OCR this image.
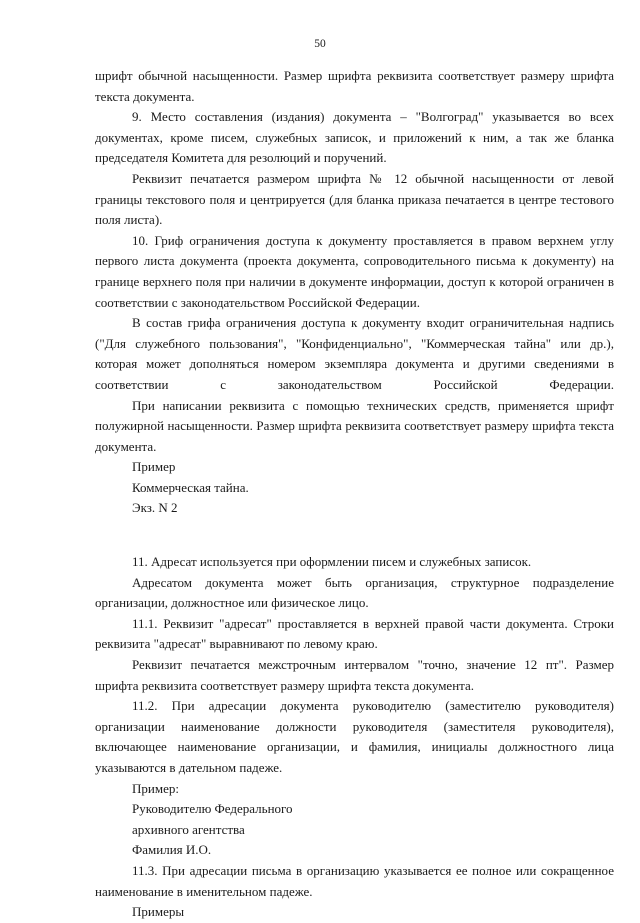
50

шрифт обычной насыщенности. Размер шрифта реквизита соответствует размеру шрифта текста документа.

9. Место составления (издания) документа – "Волгоград" указывается во всех документах, кроме писем, служебных записок, и приложений к ним, а так же бланка председателя Комитета для резолюций и поручений.

Реквизит печатается размером шрифта № 12 обычной насыщенности от левой границы текстового поля и центрируется (для бланка приказа печатается в центре тестового поля листа).

10. Гриф ограничения доступа к документу проставляется в правом верхнем углу первого листа документа (проекта документа, сопроводительного письма к документу) на границе верхнего поля при наличии в документе информации, доступ к которой ограничен в соответствии с законодательством Российской Федерации.

В состав грифа ограничения доступа к документу входит ограничительная надпись ("Для служебного пользования", "Конфиденциально", "Коммерческая тайна" или др.), которая может дополняться номером экземпляра документа и другими сведениями в соответствии с законодательством Российской Федерации.

При написании реквизита с помощью технических средств, применяется шрифт полужирной насыщенности. Размер шрифта реквизита соответствует размеру шрифта текста документа.

Пример

Коммерческая тайна.

Экз. N 2

11. Адресат используется при оформлении писем и служебных записок.

Адресатом документа может быть организация, структурное подразделение организации, должностное или физическое лицо.

11.1. Реквизит "адресат" проставляется в верхней правой части документа. Строки реквизита "адресат" выравнивают по левому краю.

Реквизит печатается межстрочным интервалом "точно, значение 12 пт". Размер шрифта реквизита соответствует размеру шрифта текста документа.

11.2. При адресации документа руководителю (заместителю руководителя) организации наименование должности руководителя (заместителя руководителя), включающее наименование организации, и фамилия, инициалы должностного лица указываются в дательном падеже.

Пример:

Руководителю Федерального

архивного агентства

Фамилия И.О.

11.3. При адресации письма в организацию указывается ее полное или сокращенное наименование в именительном падеже.

Примеры
